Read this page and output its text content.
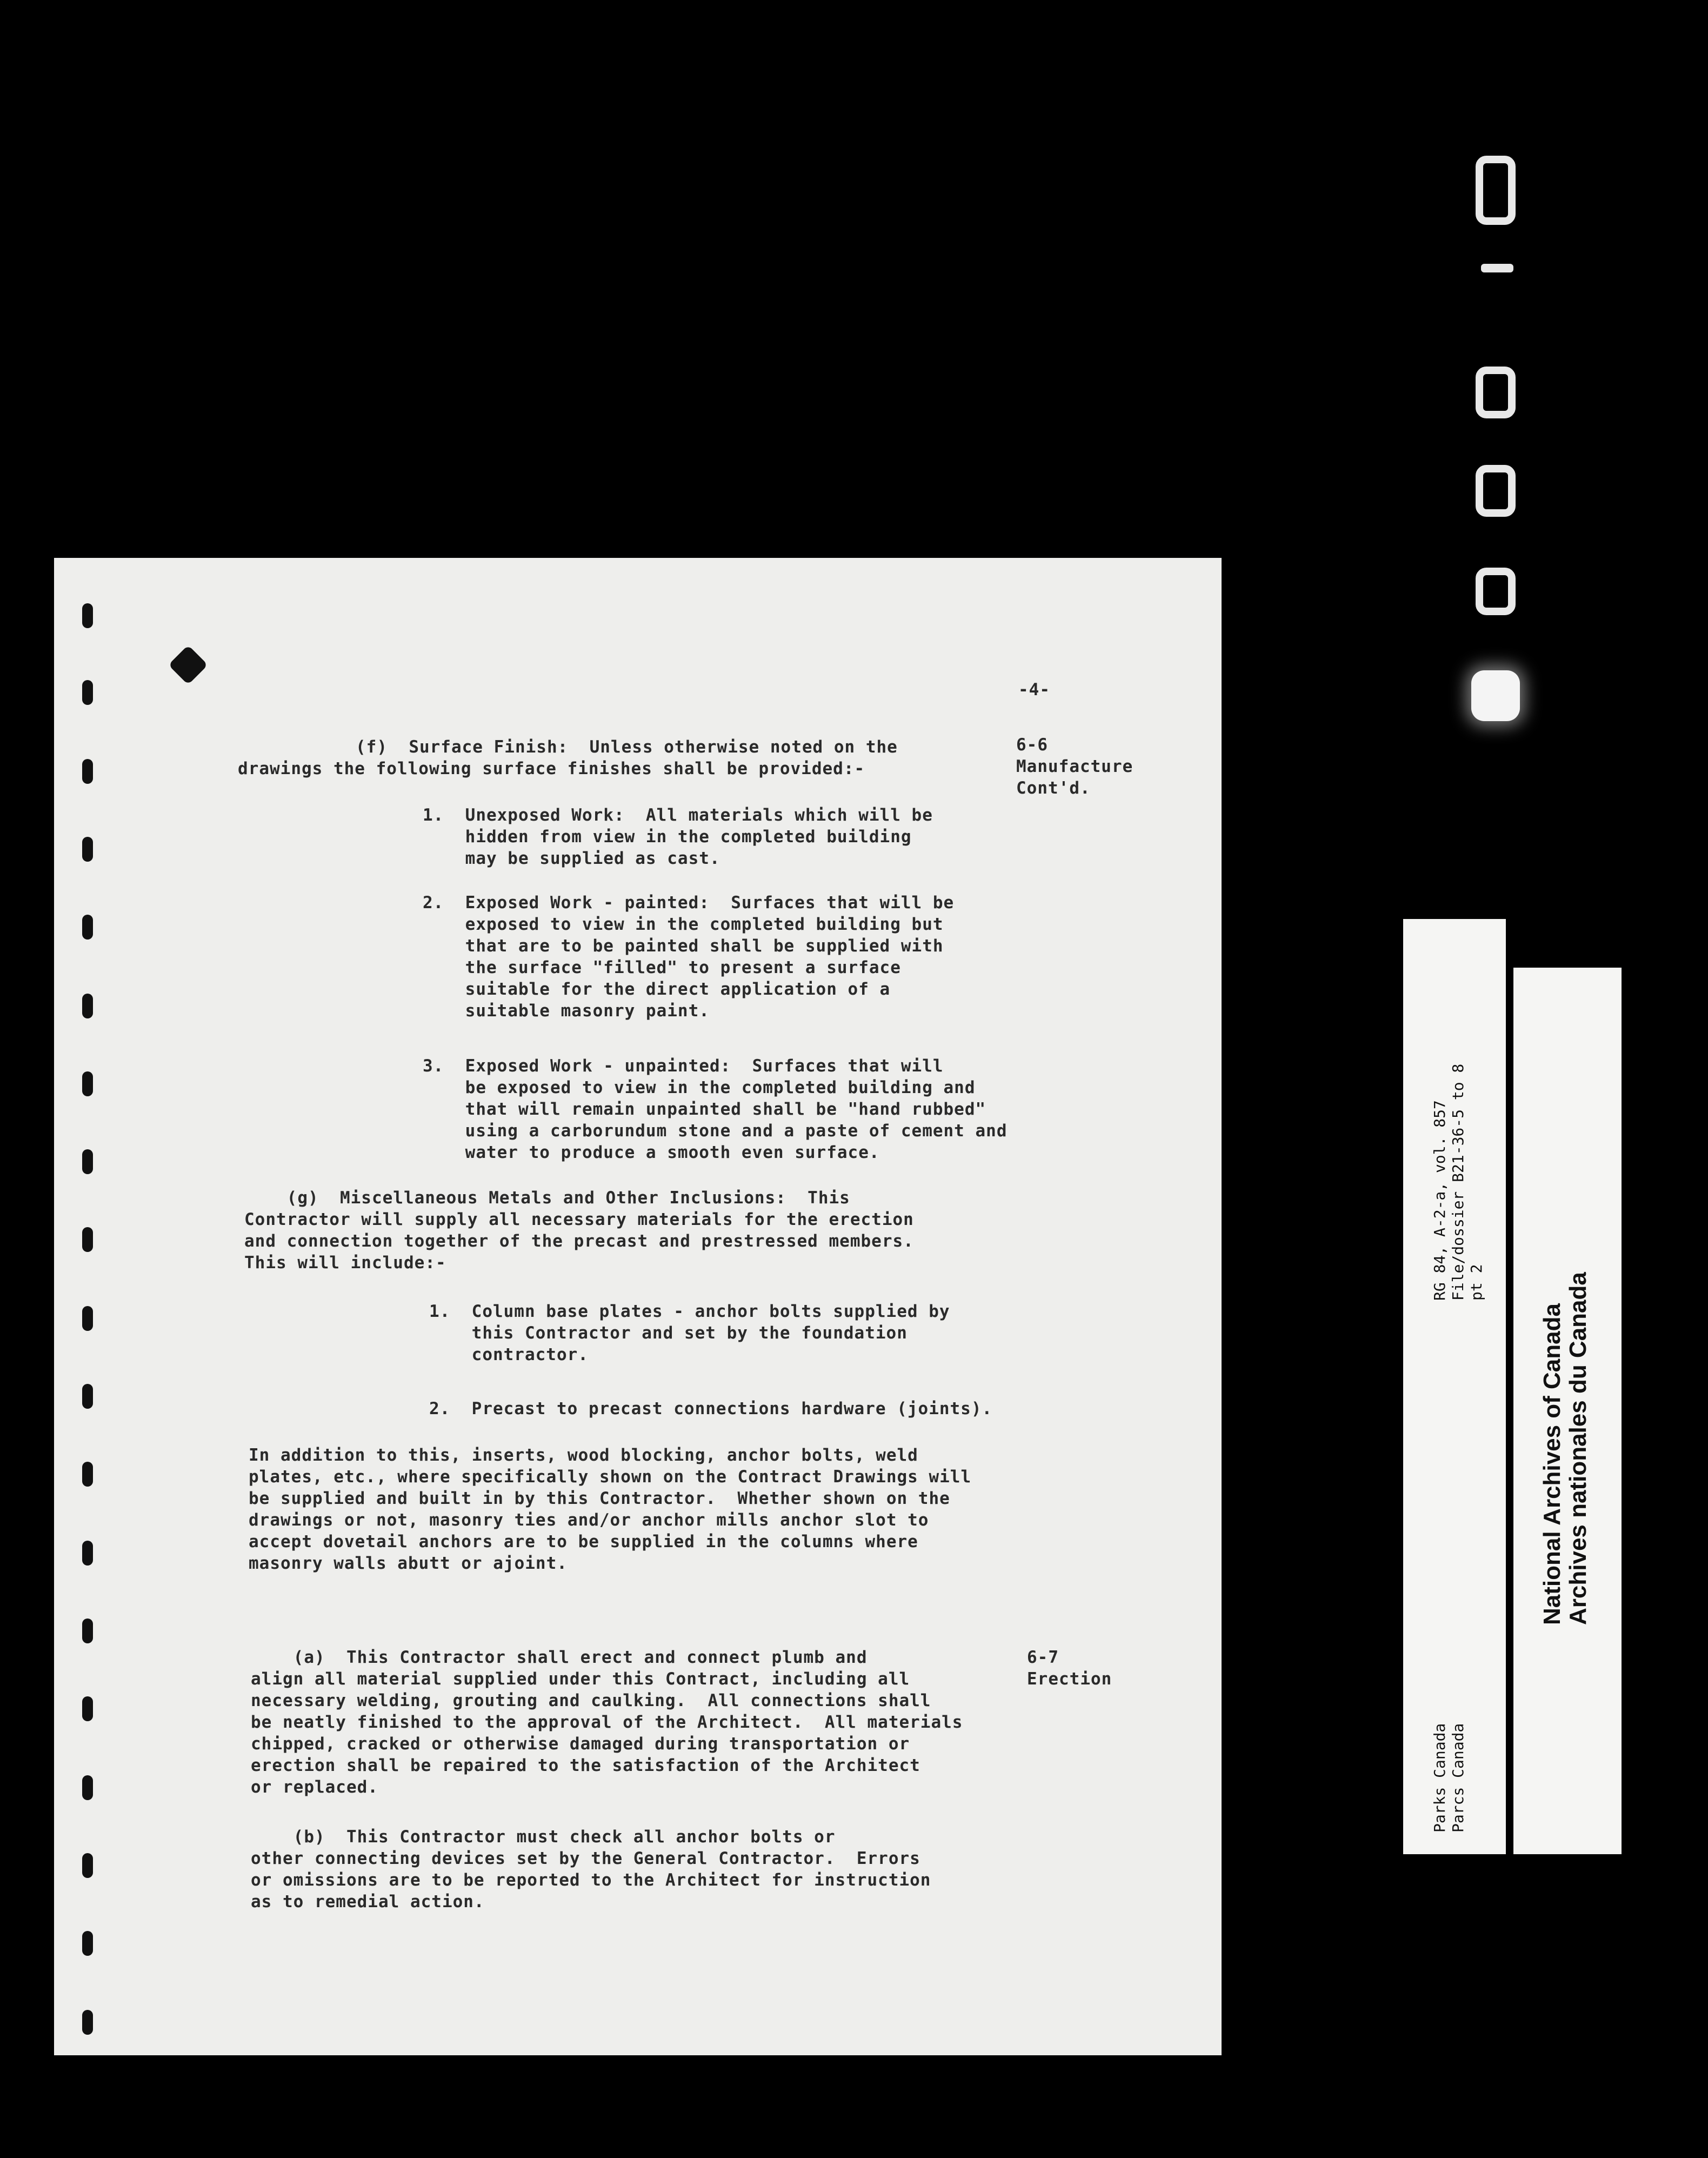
-4-
6-6
Manufacture
Cont'd.
(f)  Surface Finish:  Unless otherwise noted on the
drawings the following surface finishes shall be provided:-
1.  Unexposed Work:  All materials which will be
hidden from view in the completed building
may be supplied as cast.
2.  Exposed Work - painted:  Surfaces that will be
exposed to view in the completed building but
that are to be painted shall be supplied with
the surface "filled" to present a surface
suitable for the direct application of a
suitable masonry paint.
3.  Exposed Work - unpainted:  Surfaces that will
be exposed to view in the completed building and
that will remain unpainted shall be "hand rubbed"
using a carborundum stone and a paste of cement and
water to produce a smooth even surface.
(g)  Miscellaneous Metals and Other Inclusions:  This
Contractor will supply all necessary materials for the erection
and connection together of the precast and prestressed members.
This will include:-
1.  Column base plates - anchor bolts supplied by
this Contractor and set by the foundation
contractor.
2.  Precast to precast connections hardware (joints).
In addition to this, inserts, wood blocking, anchor bolts, weld
plates, etc., where specifically shown on the Contract Drawings will
be supplied and built in by this Contractor.  Whether shown on the
drawings or not, masonry ties and/or anchor mills anchor slot to
accept dovetail anchors are to be supplied in the columns where
masonry walls abutt or ajoint.
6-7
Erection
(a)  This Contractor shall erect and connect plumb and
align all material supplied under this Contract, including all
necessary welding, grouting and caulking.  All connections shall
be neatly finished to the approval of the Architect.  All materials
chipped, cracked or otherwise damaged during transportation or
erection shall be repaired to the satisfaction of the Architect
or replaced.
(b)  This Contractor must check all anchor bolts or
other connecting devices set by the General Contractor.  Errors
or omissions are to be reported to the Architect for instruction
as to remedial action.
RG 84, A-2-a, vol. 857 File/dossier B21-36-5 to 8 pt 2
Parks Canada Parcs Canada
National Archives of Canada Archives nationales du Canada
